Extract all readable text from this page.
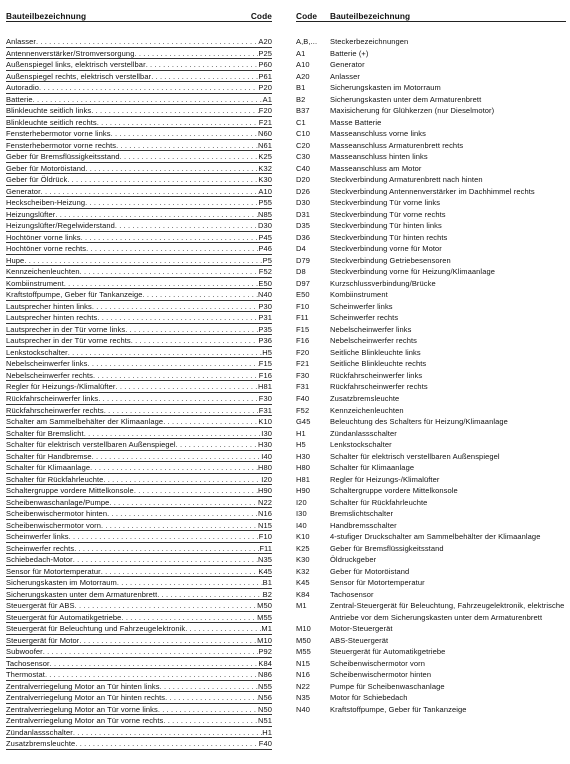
Bauteilbezeichnung	Code
Anlasser . . .	A20
Antennenverstärker/Stromversorgung . . .	P25
Außenspiegel links, elektrisch verstellbar . . .	P60
Außenspiegel rechts, elektrisch verstellbar . . .	P61
Autoradio . . .	P20
Batterie . . .	A1
Blinkleuchte seitlich links . . .	F20
Blinkleuchte seitlich rechts . . .	F21
Fensterhebermotor vorne links . . .	N60
Fensterhebermotor vorne rechts . . .	N61
Geber für Bremsflüssigkeitsstand . . .	K25
Geber für Motoröistand . . .	K32
Geber für Öldrück . . .	K30
Generator . . .	A10
Heckscheiben-Heizung . . .	P55
Heizungslüfter . . .	N85
Heizungslüfter/Regelwiderstand . . .	D30
Hochtöner vorne links . . .	P45
Hochtöner vorne rechts . . .	P46
Hupe . . .	P5
Kennzeichenleuchten . . .	F52
Kombiinstrument . . .	E50
Kraftstoffpumpe, Geber für Tankanzeige . . .	N40
Lautsprecher hinten links . . .	P30
Lautsprecher hinten rechts . . .	P31
Lautsprecher in der Tür vorne links . . .	P35
Lautsprecher in der Tür vorne rechts . . .	P36
Lenkstockschalter . . .	H5
Nebelscheinwerfer links . . .	F15
Nebelscheinwerfer rechts . . .	F16
Regler für Heizungs-/Klimalüfter . . .	H81
Rückfahrscheinwerfer links . . .	F30
Rückfahrscheinwerfer rechts . . .	F31
Schalter am Sammelbehälter der Klimaanlage . . .	K10
Schalter für Bremslicht . . .	I30
Schalter für elektrisch verstellbaren Außenspiegel . . .	H30
Schalter für Handbremse . . .	I40
Schalter für Klimaanlage . . .	H80
Schalter für Rückfahrleuchte . . .	I20
Schaltergruppe vordere Mittelkonsole . . .	H90
Scheibenwaschanlage/Pumpe . . .	N22
Scheibenwischermotor hinten . . .	N16
Scheibenwischermotor vorn . . .	N15
Scheinwerfer links . . .	F10
Scheinwerfer rechts . . .	F11
Schiebedach-Motor . . .	N35
Sensor für Motortemperatur . . .	K45
Sicherungskasten im Motorraum . . .	B1
Sicherungskasten unter dem Armaturenbrett . . .	B2
Steuergerät für ABS . . .	M50
Steuergerät für Automatikgetriebe . . .	M55
Steuergerät für Beleuchtung und Fahrzeugelektronik . . .	M1
Steuergerät für Motor . . .	M10
Subwoofer . . .	P92
Tachosensor . . .	K84
Thermostat . . .	N86
Zentralverriegelung Motor an Tür hinten links . . .	N55
Zentralverriegelung Motor an Tür hinten rechts . . .	N56
Zentralverriegelung Motor an Tür vorne links . . .	N50
Zentralverriegelung Motor an Tür vorne rechts . . .	N51
Zündanlassschalter . . .	H1
Zusatzbremsleuchte . . .	F40
Code	Bauteilbezeichnung
A,B,...	Steckerbezeichnungen
A1	Batterie (+)
A10	Generator
A20	Anlasser
B1	Sicherungskasten im Motorraum
B2	Sicherungskasten unter dem Armaturenbrett
B37	Maxisicherung für Glühkerzen (nur Dieselmotor)
C1	Masse Batterie
C10	Masseanschluss vorne links
C20	Masseanschluss Armaturenbrett rechts
C30	Masseanschluss hinten links
C40	Masseanschluss am Motor
D20	Steckverbindung Armaturenbrett nach hinten
D26	Steckverbindung Antennenverstärker im Dachhimmel rechts
D30	Steckverbindung Tür vorne links
D31	Steckverbindung Tür vorne rechts
D35	Steckverbindung Tür hinten links
D36	Steckverbindung Tür hinten rechts
D4	Steckverbindung vorne für Motor
D79	Steckverbindung Getriebesensoren
D8	Steckverbindung vorne für Heizung/Klimaanlage
D97	Kurzschlussverbindung/Brücke
E50	Kombiinstrument
F10	Scheinwerfer links
F11	Scheinwerfer rechts
F15	Nebelscheinwerfer links
F16	Nebelscheinwerfer rechts
F20	Seitliche Blinkleuchte links
F21	Seitliche Blinkleuchte rechts
F30	Rückfahrscheinwerfer links
F31	Rückfahrscheinwerfer rechts
F40	Zusatzbremsleuchte
F52	Kennzeichenleuchten
G45	Beleuchtung des Schalters für Heizung/Klimaanlage
H1	Zündanlassschalter
H5	Lenkstockschalter
H30	Schalter für elektrisch verstellbaren Außenspiegel
H80	Schalter für Klimaanlage
H81	Regler für Heizungs-/Klimalüfter
H90	Schaltergruppe vordere Mittelkonsole
I20	Schalter für Rückfahrleuchte
I30	Bremslichtschalter
I40	Handbremsschalter
K10	4-stufiger Druckschalter am Sammelbehälter der Klimaanlage
K25	Geber für Bremsflüssigkeitsstand
K30	Öldruckgeber
K32	Geber für Motoröistand
K45	Sensor für Motortemperatur
K84	Tachosensor
M1	Zentral-Steuergerät für Beleuchtung, Fahrzeugelektronik, elektrische Antriebe vor dem Sicherungskasten unter dem Armaturenbrett
M10	Motor-Steuergerät
M50	ABS-Steuergerät
M55	Steuergerät für Automatikgetriebe
N15	Scheibenwischermotor vorn
N16	Scheibenwischermotor hinten
N22	Pumpe für Scheibenwaschanlage
N35	Motor für Schiebedach
N40	Kraftstoffpumpe, Geber für Tankanzeige
